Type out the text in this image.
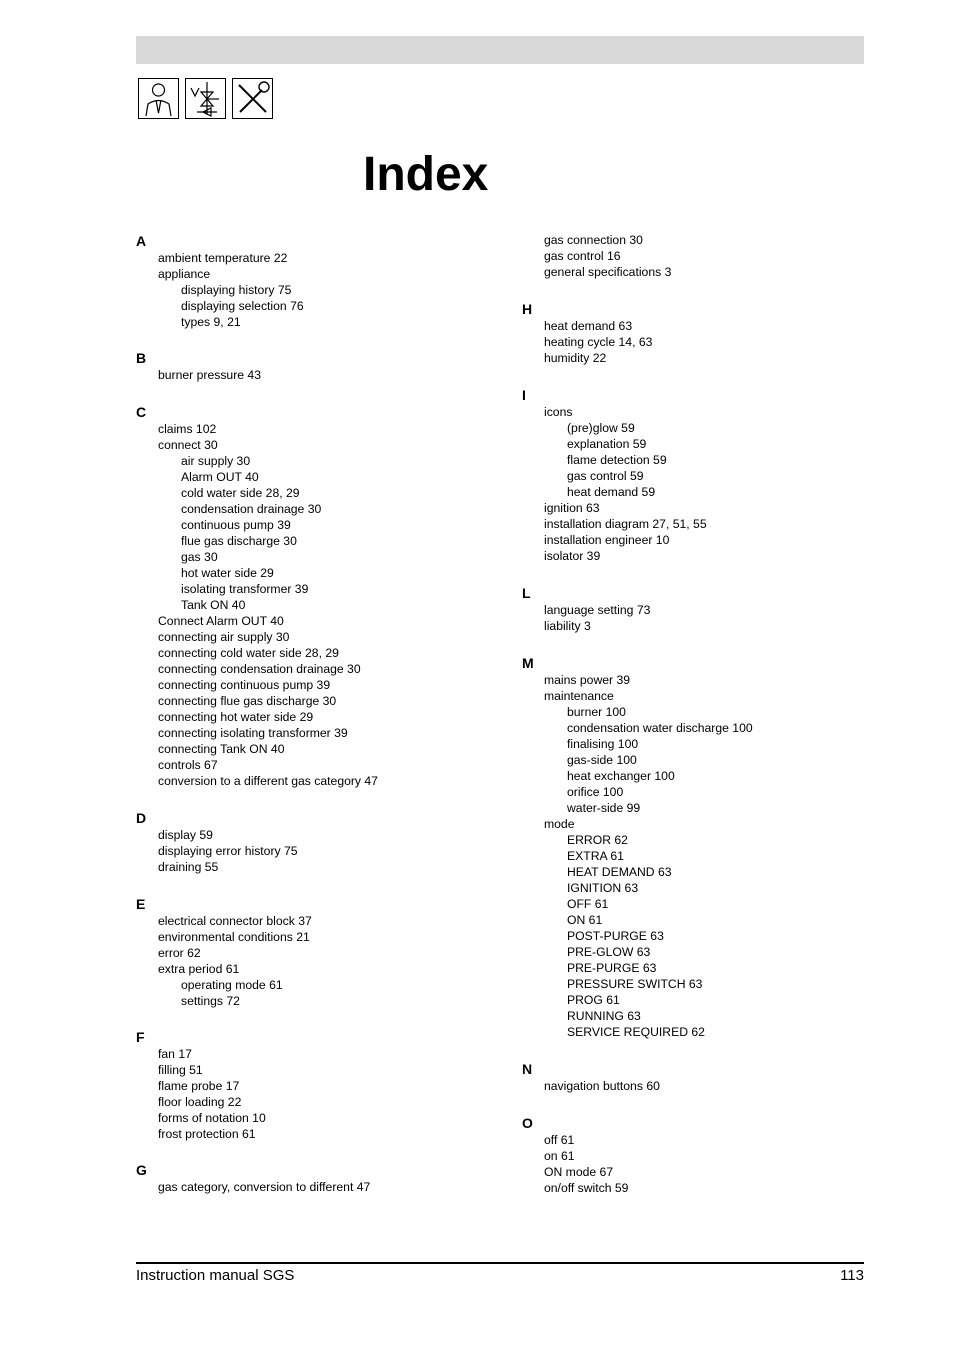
Index
A
ambient temperature 22
appliance
displaying history 75
displaying selection 76
types 9, 21
B
burner pressure 43
C
claims 102
connect 30
air supply 30
Alarm OUT 40
cold water side 28, 29
condensation drainage 30
continuous pump 39
flue gas discharge 30
gas 30
hot water side 29
isolating transformer 39
Tank ON 40
Connect Alarm OUT 40
connecting air supply 30
connecting cold water side 28, 29
connecting condensation drainage 30
connecting continuous pump 39
connecting flue gas discharge 30
connecting hot water side 29
connecting isolating transformer 39
connecting Tank ON 40
controls 67
conversion to a different gas category 47
D
display 59
displaying error history 75
draining 55
E
electrical connector block 37
environmental conditions 21
error 62
extra period 61
operating mode 61
settings 72
F
fan 17
filling 51
flame probe 17
floor loading 22
forms of notation 10
frost protection 61
G
gas category, conversion to different 47
gas connection 30
gas control 16
general specifications 3
H
heat demand 63
heating cycle 14, 63
humidity 22
I
icons
(pre)glow 59
explanation 59
flame detection 59
gas control 59
heat demand 59
ignition 63
installation diagram 27, 51, 55
installation engineer 10
isolator 39
L
language setting 73
liability 3
M
mains power 39
maintenance
burner 100
condensation water discharge 100
finalising 100
gas-side 100
heat exchanger 100
orifice 100
water-side 99
mode
ERROR 62
EXTRA 61
HEAT DEMAND 63
IGNITION 63
OFF 61
ON 61
POST-PURGE 63
PRE-GLOW 63
PRE-PURGE 63
PRESSURE SWITCH 63
PROG 61
RUNNING 63
SERVICE REQUIRED 62
N
navigation buttons 60
O
off 61
on 61
ON mode 67
on/off switch 59
Instruction manual SGS	113
